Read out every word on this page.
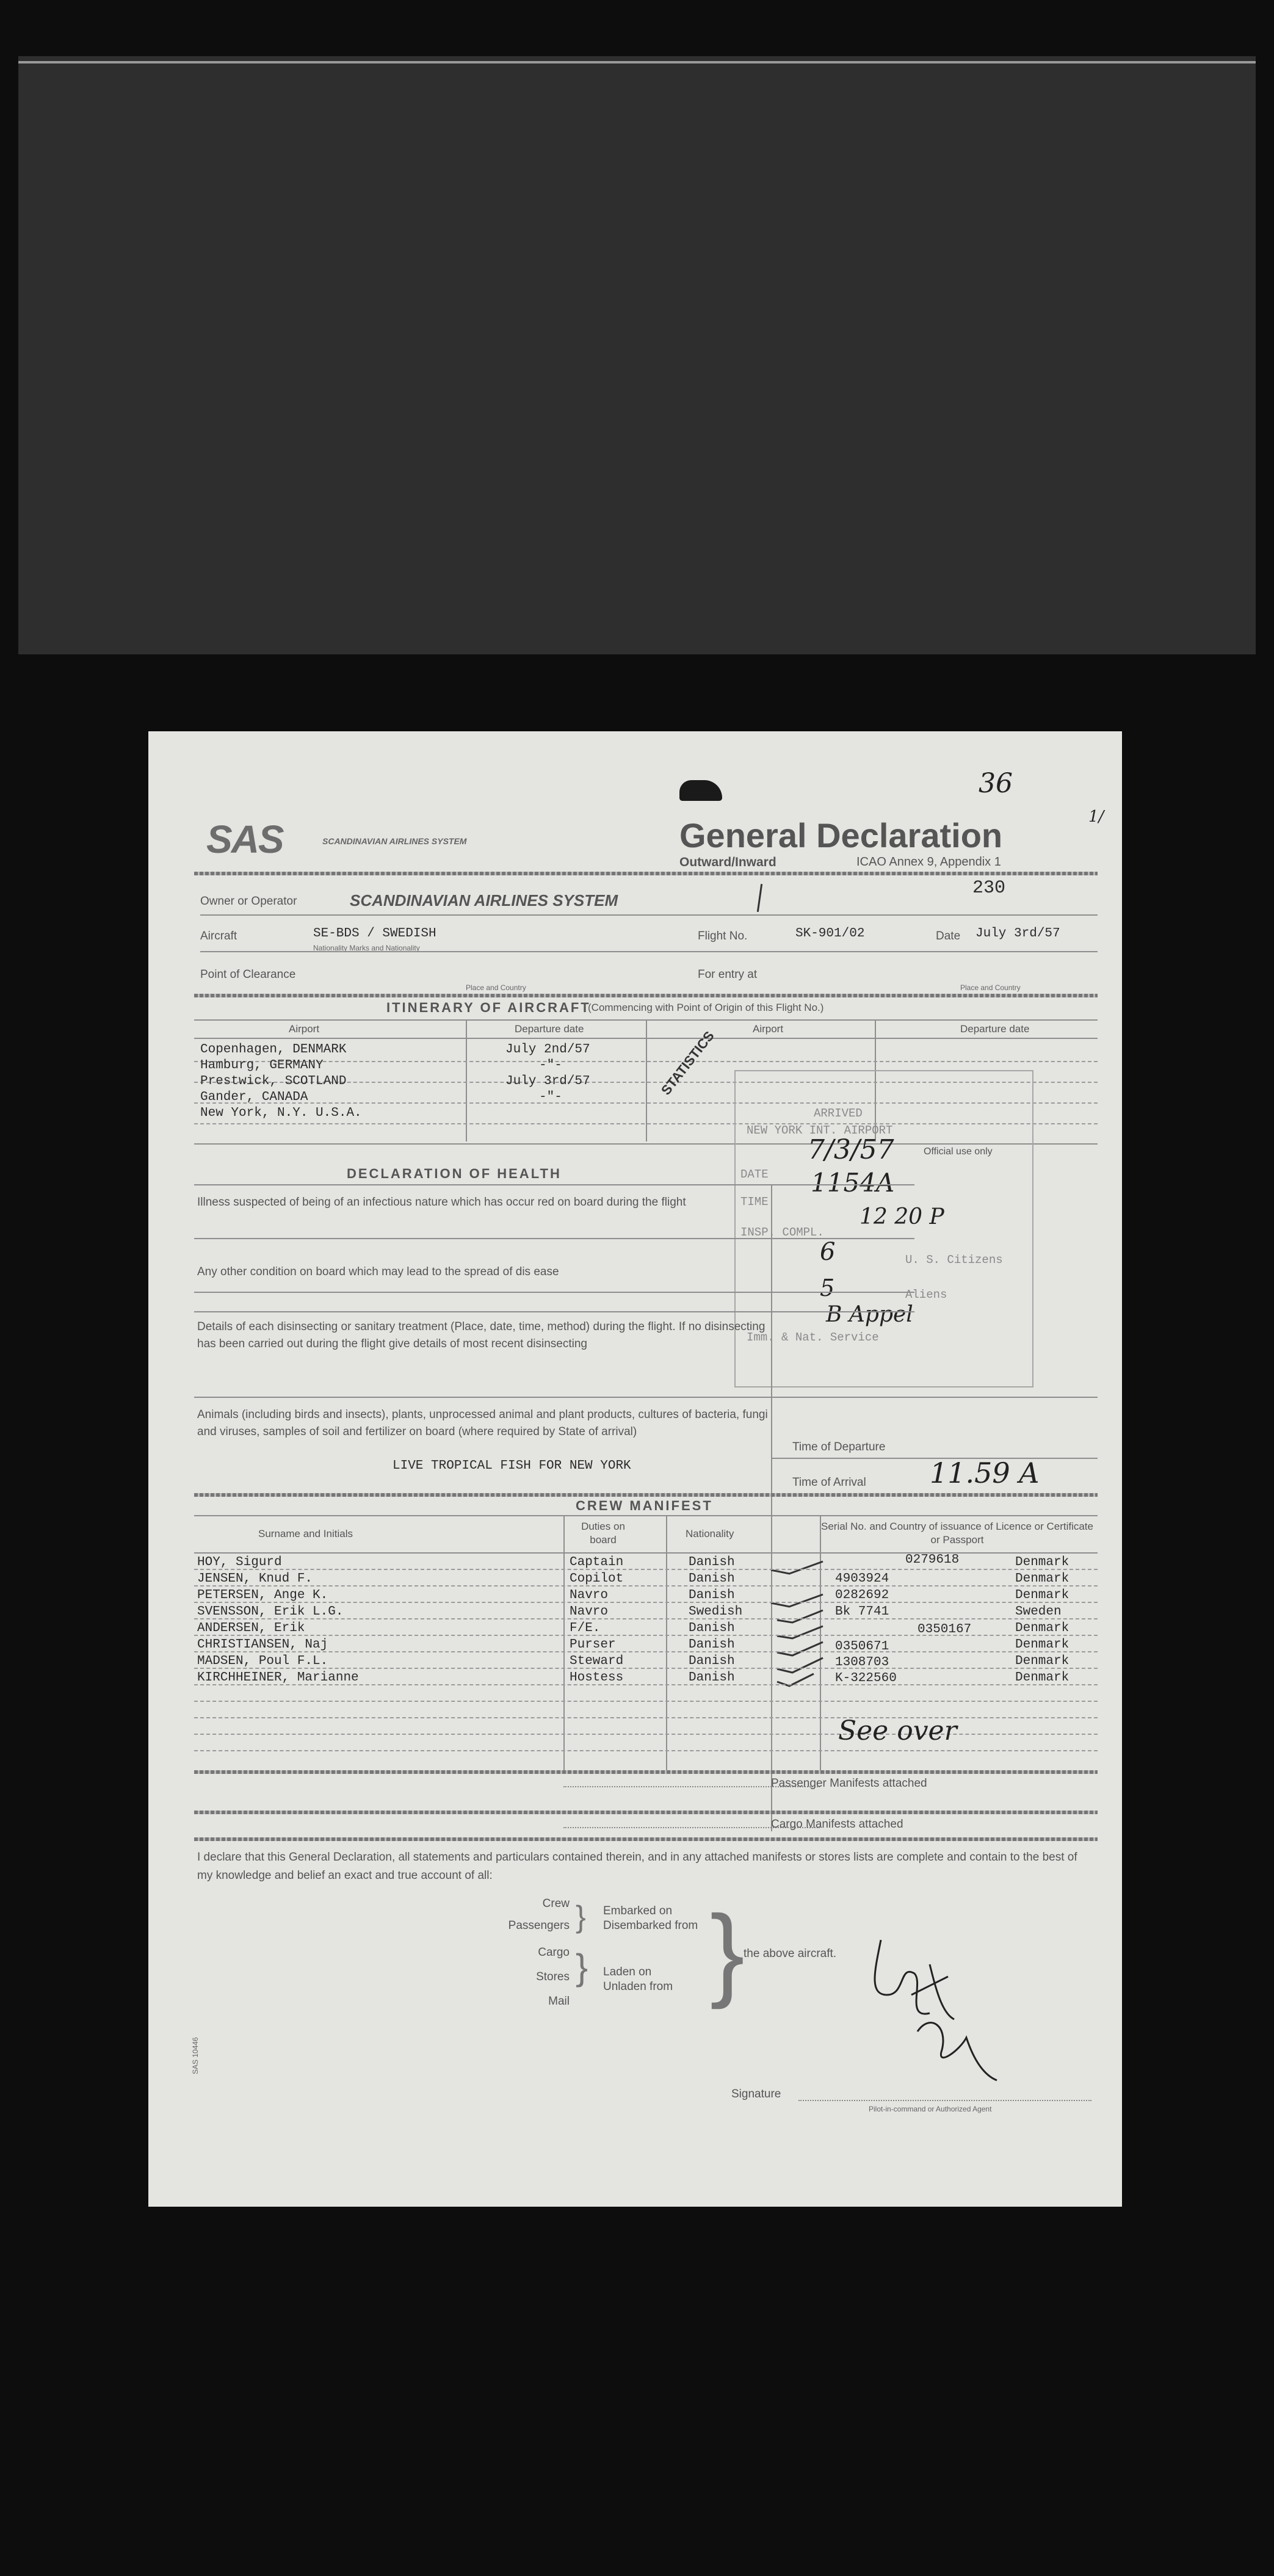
SAS	SCANDINAVIAN AIRLINES SYSTEM
36
1/
General Declaration
Outward/Inward	ICAO Annex 9, Appendix 1
Owner or Operator	SCANDINAVIAN AIRLINES SYSTEM
230
Aircraft	SE-BDS / SWEDISH
Nationality Marks and Nationality
Flight No.	SK-901/02	Date July 3rd/57
Point of Clearance
Place and Country
For entry at
Place and Country
ITINERARY OF AIRCRAFT
(Commencing with Point of Origin of this Flight No.)
Airport	Departure date	Airport	Departure date
Copenhagen, DENMARK	July 2nd/57
Hamburg, GERMANY	-"-
Prestwick, SCOTLAND	July 3rd/57
Gander, CANADA	-"-
New York, N.Y. U.S.A.
STATISTICS
ARRIVED
NEW YORK INT. AIRPORT
Official use only
DATE
7/3/57
TIME
1154A
INSP. COMPL.
12 20 P
6	U. S. Citizens
5	Aliens
B Appel
Imm. & Nat. Service
DECLARATION OF HEALTH
Illness suspected of being of an infectious nature which has occur red on board during the flight
Any other condition on board which may lead to the spread of dis ease
Details of each disinsecting or sanitary treatment (Place, date, time, method) during the flight. If no disinsecting has been carried out during the flight give details of most recent disinsecting
Animals (including birds and insects), plants, unprocessed animal and plant products, cultures of bacteria, fungi and viruses, samples of soil and fertilizer on board (where required by State of arrival)
LIVE TROPICAL FISH FOR NEW YORK
Time of Departure
Time of Arrival 11.59 A
CREW MANIFEST
Surname and Initials
Duties on board
Nationality
Serial No. and Country of issuance of Licence or Certificate or Passport
HOY, Sigurd	Captain	Danish	0279618	Denmark
JENSEN, Knud F.	Copilot	Danish	4903924	Denmark
PETERSEN, Ange K.	Navro	Danish	0282692	Denmark
SVENSSON, Erik L.G.	Navro	Swedish	Bk 7741	Sweden
ANDERSEN, Erik	F/E.	Danish	0350167	Denmark
CHRISTIANSEN, Naj	Purser	Danish	0350671	Denmark
MADSEN, Poul F.L.	Steward	Danish	1308703	Denmark
KIRCHHEINER, Marianne	Hostess	Danish	K-322560	Denmark
See over
Passenger Manifests attached
Cargo Manifests attached
I declare that this General Declaration, all statements and particulars contained therein, and in any attached manifests or stores lists are complete and contain to the best of my knowledge and belief an exact and true account of all:
Crew
Passengers
Cargo
Stores
Mail
}
}
Embarked on
Disembarked from
Laden on
Unladen from }
the above aircraft.
Signature
Pilot-in-command or Authorized Agent
SAS 10446
